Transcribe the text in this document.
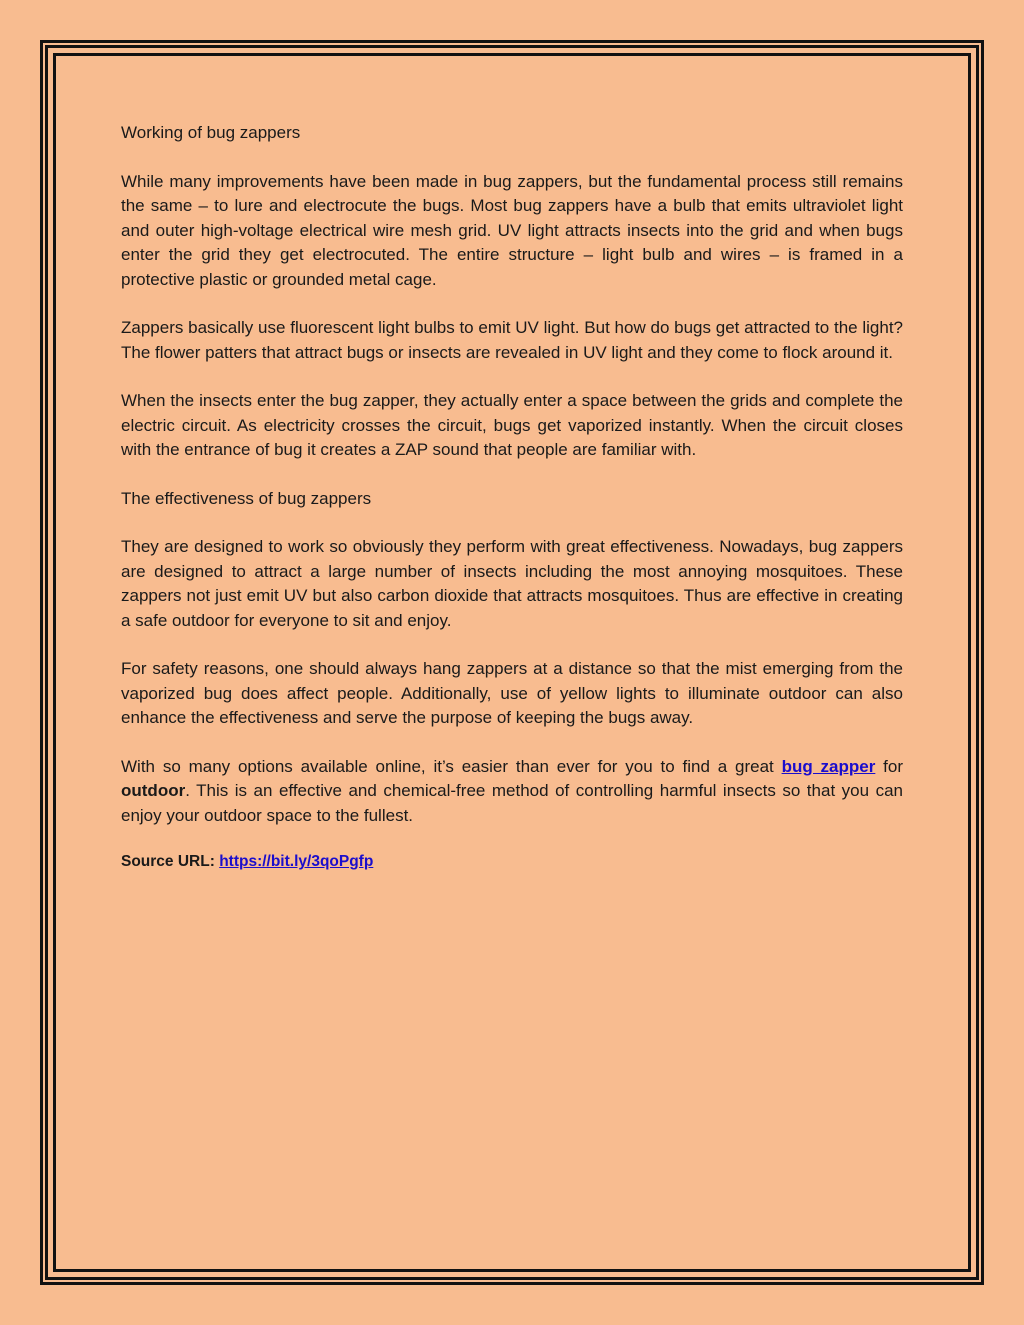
Working of bug zappers

While many improvements have been made in bug zappers, but the fundamental process still remains the same – to lure and electrocute the bugs. Most bug zappers have a bulb that emits ultraviolet light and outer high-voltage electrical wire mesh grid. UV light attracts insects into the grid and when bugs enter the grid they get electrocuted. The entire structure – light bulb and wires – is framed in a protective plastic or grounded metal cage.

Zappers basically use fluorescent light bulbs to emit UV light. But how do bugs get attracted to the light? The flower patters that attract bugs or insects are revealed in UV light and they come to flock around it.

When the insects enter the bug zapper, they actually enter a space between the grids and complete the electric circuit. As electricity crosses the circuit, bugs get vaporized instantly. When the circuit closes with the entrance of bug it creates a ZAP sound that people are familiar with.

The effectiveness of bug zappers

They are designed to work so obviously they perform with great effectiveness. Nowadays, bug zappers are designed to attract a large number of insects including the most annoying mosquitoes. These zappers not just emit UV but also carbon dioxide that attracts mosquitoes. Thus are effective in creating a safe outdoor for everyone to sit and enjoy.

For safety reasons, one should always hang zappers at a distance so that the mist emerging from the vaporized bug does affect people. Additionally, use of yellow lights to illuminate outdoor can also enhance the effectiveness and serve the purpose of keeping the bugs away.

With so many options available online, it’s easier than ever for you to find a great bug zapper for outdoor. This is an effective and chemical-free method of controlling harmful insects so that you can enjoy your outdoor space to the fullest.

Source URL: https://bit.ly/3qoPgfp
